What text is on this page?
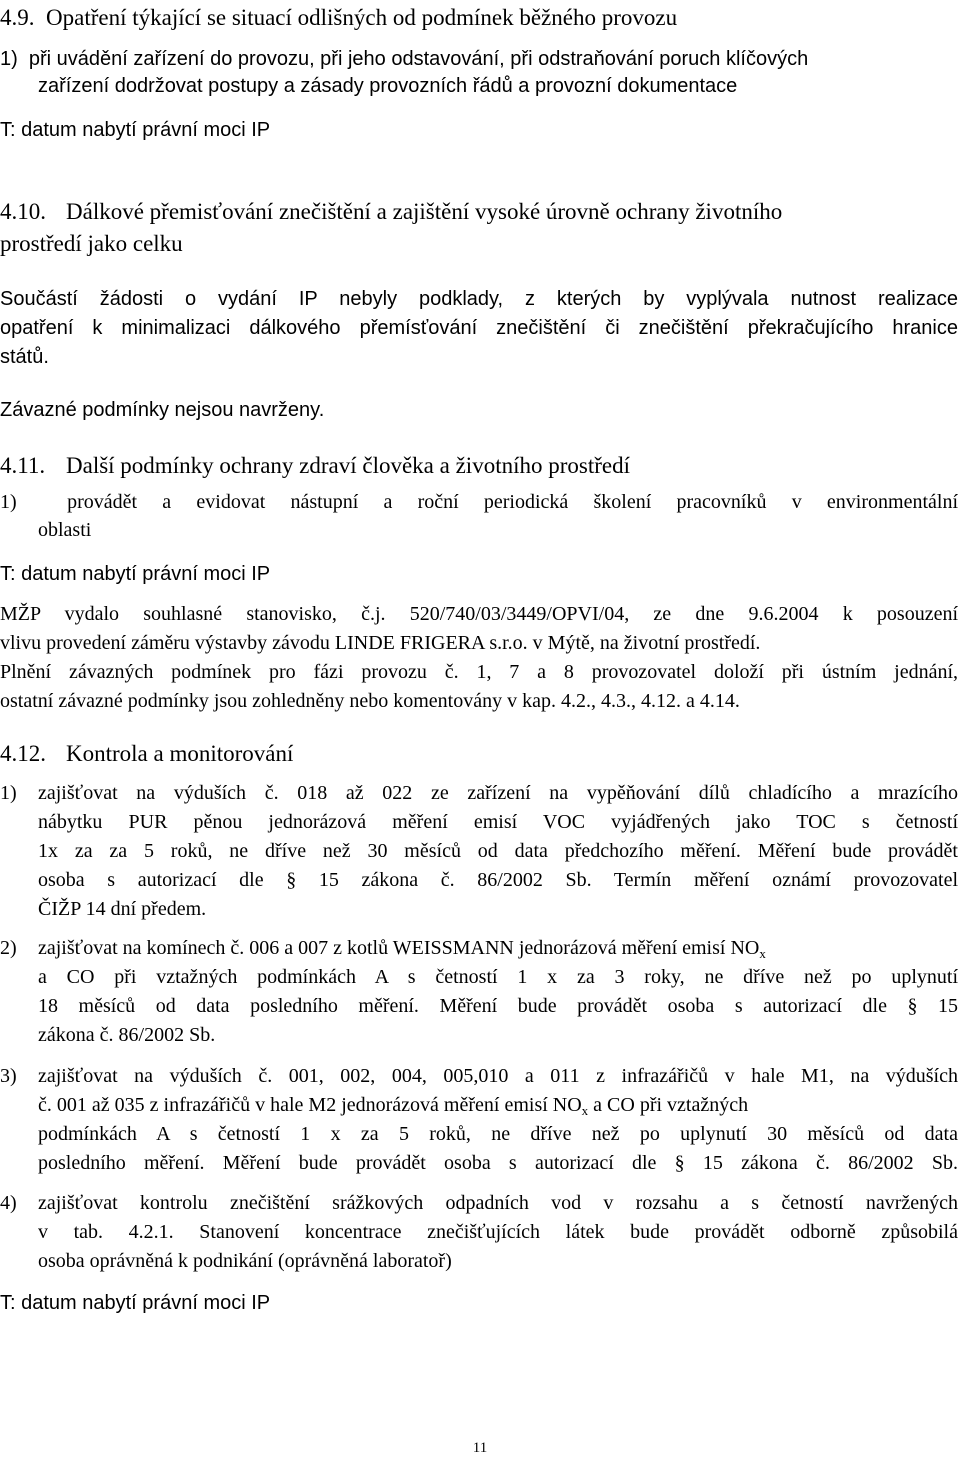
4.9.  Opatření týkající se situací odlišných od podmínek běžného provozu
1)  při uvádění zařízení do provozu, při jeho odstavování, při odstraňování poruch klíčových
zařízení dodržovat postupy a zásady provozních řádů a provozní dokumentace
T: datum nabytí právní moci IP
4.10. Dálkové přemisťování znečištění a zajištění vysoké úrovně ochrany životního
prostředí jako celku
Součástí žádosti o vydání IP nebyly podklady, z kterých by vyplývala nutnost realizace
opatření k minimalizaci dálkového přemísťování znečištění či znečištění překračujícího hranice
států.
Závazné podmínky nejsou navrženy.
4.11. Další podmínky ochrany zdraví člověka a životního prostředí
1)  provádět a evidovat nástupní a roční periodická školení pracovníků v environmentální
oblasti
T: datum nabytí právní moci IP
MŽP vydalo souhlasné stanovisko, č.j. 520/740/03/3449/OPVI/04, ze dne 9.6.2004 k posouzení
vlivu provedení záměru výstavby závodu LINDE FRIGERA s.r.o. v Mýtě, na životní prostředí.
Plnění závazných podmínek pro fázi provozu č. 1, 7 a 8 provozovatel doloží při ústním jednání,
ostatní závazné podmínky jsou zohledněny nebo komentovány v kap. 4.2., 4.3., 4.12. a 4.14.
4.12. Kontrola a monitorování
1) zajišťovat na výduších č. 018 až 022 ze zařízení na vypěňování dílů chladícího a mrazícího
nábytku PUR pěnou jednorázová měření emisí VOC vyjádřených jako TOC s četností
1x za za 5 roků, ne dříve než 30 měsíců od data předchozího měření. Měření bude provádět
osoba s autorizací dle § 15 zákona č. 86/2002 Sb. Termín měření oznámí provozovatel
ČIŽP 14 dní předem.
2) zajišťovat na komínech č. 006 a 007 z kotlů WEISSMANN jednorázová měření emisí $NO_x$
a CO při vztažných podmínkách A s četností 1 x za 3 roky, ne dříve než po uplynutí
18 měsíců od data posledního měření. Měření bude provádět osoba s autorizací dle § 15
zákona č. 86/2002 Sb.
3) zajišťovat na výduších č. 001, 002, 004, 005,010 a 011 z infrazářičů v hale M1, na výduších
č. 001 až 035 z infrazářičů v hale M2 jednorázová měření emisí $NO_x$ a CO při vztažných
podmínkách A s četností 1 x za 5 roků, ne dříve než po uplynutí 30 měsíců od data
posledního měření. Měření bude provádět osoba s autorizací dle § 15 zákona č. 86/2002 Sb.
4) zajišťovat kontrolu znečištění srážkových odpadních vod v rozsahu a s četností navržených
v tab. 4.2.1. Stanovení koncentrace znečišťujících látek bude provádět odborně způsobilá
osoba oprávněná k podnikání (oprávněná laboratoř)
T: datum nabytí právní moci IP
11
